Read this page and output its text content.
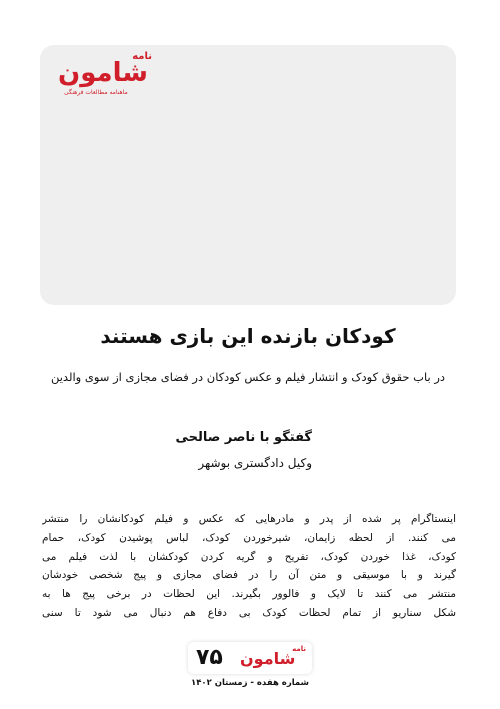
نامه
شامون
ماهنامه مطالعات فرهنگی
کودکان بازنده این بازی هستند
در باب حقوق کودک و انتشار فیلم و عکس کودکان در فضای مجازی از سوی والدین
گفتگو با ناصر صالحی
وکیل دادگستری بوشهر
اینستاگرام پر شده از پدر و مادرهایی که عکس و فیلم کودکانشان را منتشر
می کنند. از لحظه زایمان، شیرخوردن کودک، لباس پوشیدن کودک، حمام
کودک، غذا خوردن کودک، تفریح و گریه کردن کودکشان با لذت فیلم می
گیرند و با موسیقی و متن آن را در فضای مجازی و پیج شخصی خودشان
منتشر می کنند تا لایک و فالوور بگیرند. این لحظات در برخی پیج ها به
شکل سناریو از تمام لحظات کودک بی دفاع هم دنبال می شود تا سنی
۷۵	نامه
شامون
شماره هفده - زمستان ۱۴۰۲
